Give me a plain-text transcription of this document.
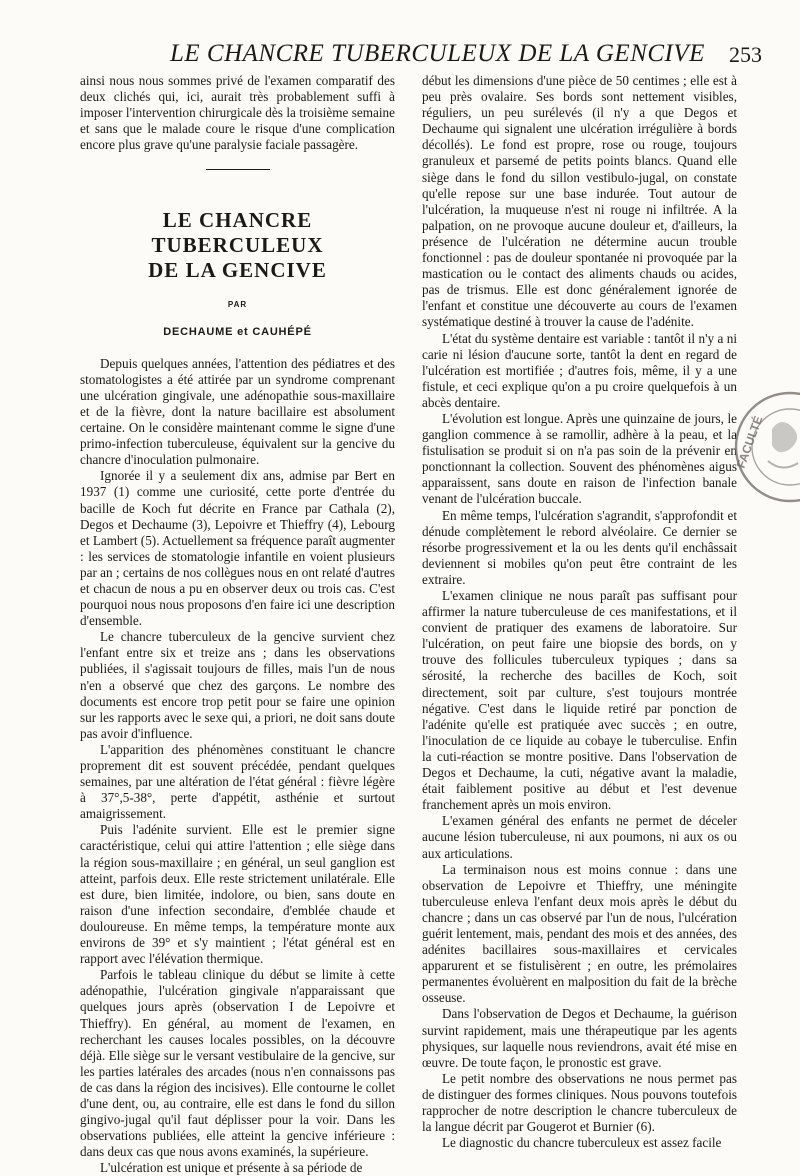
LE CHANCRE TUBERCULEUX DE LA GENCIVE 253

ainsi nous nous sommes privé de l'examen comparatif des deux clichés qui, ici, aurait très probablement suffi à imposer l'intervention chirurgicale dès la troisième semaine et sans que le malade coure le risque d'une complication encore plus grave qu'une paralysie faciale passagère.

LE CHANCRE TUBERCULEUX
DE LA GENCIVE
PAR
DECHAUME et CAUHÉPÉ

Depuis quelques années, l'attention des pédiatres et des stomatologistes a été attirée par un syndrome comprenant une ulcération gingivale, une adénopathie sous-maxillaire et de la fièvre, dont la nature bacillaire est absolument certaine. On le considère maintenant comme le signe d'une primo-infection tuberculeuse, équivalent sur la gencive du chancre d'inoculation pulmonaire.

Ignorée il y a seulement dix ans, admise par Bert en 1937 (1) comme une curiosité, cette porte d'entrée du bacille de Koch fut décrite en France par Cathala (2), Degos et Dechaume (3), Lepoivre et Thieffry (4), Lebourg et Lambert (5). Actuellement sa fréquence paraît augmenter : les services de stomatologie infantile en voient plusieurs par an ; certains de nos collègues nous en ont relaté d'autres et chacun de nous a pu en observer deux ou trois cas. C'est pourquoi nous nous proposons d'en faire ici une description d'ensemble.

Le chancre tuberculeux de la gencive survient chez l'enfant entre six et treize ans ; dans les observations publiées, il s'agissait toujours de filles, mais l'un de nous n'en a observé que chez des garçons. Le nombre des documents est encore trop petit pour se faire une opinion sur les rapports avec le sexe qui, a priori, ne doit sans doute pas avoir d'influence.

L'apparition des phénomènes constituant le chancre proprement dit est souvent précédée, pendant quelques semaines, par une altération de l'état général : fièvre légère à 37°,5-38°, perte d'appétit, asthénie et surtout amaigrissement.

Puis l'adénite survient. Elle est le premier signe caractéristique, celui qui attire l'attention ; elle siège dans la région sous-maxillaire ; en général, un seul ganglion est atteint, parfois deux. Elle reste strictement unilatérale. Elle est dure, bien limitée, indolore, ou bien, sans doute en raison d'une infection secondaire, d'emblée chaude et douloureuse. En même temps, la température monte aux environs de 39° et s'y maintient ; l'état général est en rapport avec l'élévation thermique.

Parfois le tableau clinique du début se limite à cette adénopathie, l'ulcération gingivale n'apparaissant que quelques jours après (observation I de Lepoivre et Thieffry). En général, au moment de l'examen, en recherchant les causes locales possibles, on la découvre déjà. Elle siège sur le versant vestibulaire de la gencive, sur les parties latérales des arcades (nous n'en connaissons pas de cas dans la région des incisives). Elle contourne le collet d'une dent, ou, au contraire, elle est dans le fond du sillon gingivo-jugal qu'il faut déplisser pour la voir. Dans les observations publiées, elle atteint la gencive inférieure : dans deux cas que nous avons examinés, la supérieure.

L'ulcération est unique et présente à sa période de

début les dimensions d'une pièce de 50 centimes ; elle est à peu près ovalaire. Ses bords sont nettement visibles, réguliers, un peu surélevés (il n'y a que Degos et Dechaume qui signalent une ulcération irrégulière à bords décollés). Le fond est propre, rose ou rouge, toujours granuleux et parsemé de petits points blancs. Quand elle siège dans le fond du sillon vestibulo-jugal, on constate qu'elle repose sur une base indurée. Tout autour de l'ulcération, la muqueuse n'est ni rouge ni infiltrée. A la palpation, on ne provoque aucune douleur et, d'ailleurs, la présence de l'ulcération ne détermine aucun trouble fonctionnel : pas de douleur spontanée ni provoquée par la mastication ou le contact des aliments chauds ou acides, pas de trismus. Elle est donc généralement ignorée de l'enfant et constitue une découverte au cours de l'examen systématique destiné à trouver la cause de l'adénite.

L'état du système dentaire est variable : tantôt il n'y a ni carie ni lésion d'aucune sorte, tantôt la dent en regard de l'ulcération est mortifiée ; d'autres fois, même, il y a une fistule, et ceci explique qu'on a pu croire quelquefois à un abcès dentaire.

L'évolution est longue. Après une quinzaine de jours, le ganglion commence à se ramollir, adhère à la peau, et la fistulisation se produit si on n'a pas soin de la prévenir en ponctionnant la collection. Souvent des phénomènes aigus apparaissent, sans doute en raison de l'infection banale venant de l'ulcération buccale.

En même temps, l'ulcération s'agrandit, s'approfondit et dénude complètement le rebord alvéolaire. Ce dernier se résorbe progressivement et la ou les dents qu'il enchâssait deviennent si mobiles qu'on peut être contraint de les extraire.

L'examen clinique ne nous paraît pas suffisant pour affirmer la nature tuberculeuse de ces manifestations, et il convient de pratiquer des examens de laboratoire. Sur l'ulcération, on peut faire une biopsie des bords, on y trouve des follicules tuberculeux typiques ; dans sa sérosité, la recherche des bacilles de Koch, soit directement, soit par culture, s'est toujours montrée négative. C'est dans le liquide retiré par ponction de l'adénite qu'elle est pratiquée avec succès ; en outre, l'inoculation de ce liquide au cobaye le tuberculise. Enfin la cuti-réaction se montre positive. Dans l'observation de Degos et Dechaume, la cuti, négative avant la maladie, était faiblement positive au début et l'est devenue franchement après un mois environ.

L'examen général des enfants ne permet de déceler aucune lésion tuberculeuse, ni aux poumons, ni aux os ou aux articulations.

La terminaison nous est moins connue : dans une observation de Lepoivre et Thieffry, une méningite tuberculeuse enleva l'enfant deux mois après le début du chancre ; dans un cas observé par l'un de nous, l'ulcération guérit lentement, mais, pendant des mois et des années, des adénites bacillaires sous-maxillaires et cervicales apparurent et se fistulisèrent ; en outre, les prémolaires permanentes évoluèrent en malposition du fait de la brèche osseuse.

Dans l'observation de Degos et Dechaume, la guérison survint rapidement, mais une thérapeutique par les agents physiques, sur laquelle nous reviendrons, avait été mise en œuvre. De toute façon, le pronostic est grave.

Le petit nombre des observations ne nous permet pas de distinguer des formes cliniques. Nous pouvons toutefois rapprocher de notre description le chancre tuberculeux de la langue décrit par Gougerot et Burnier (6).

Le diagnostic du chancre tuberculeux est assez facile

FACULTÉ
